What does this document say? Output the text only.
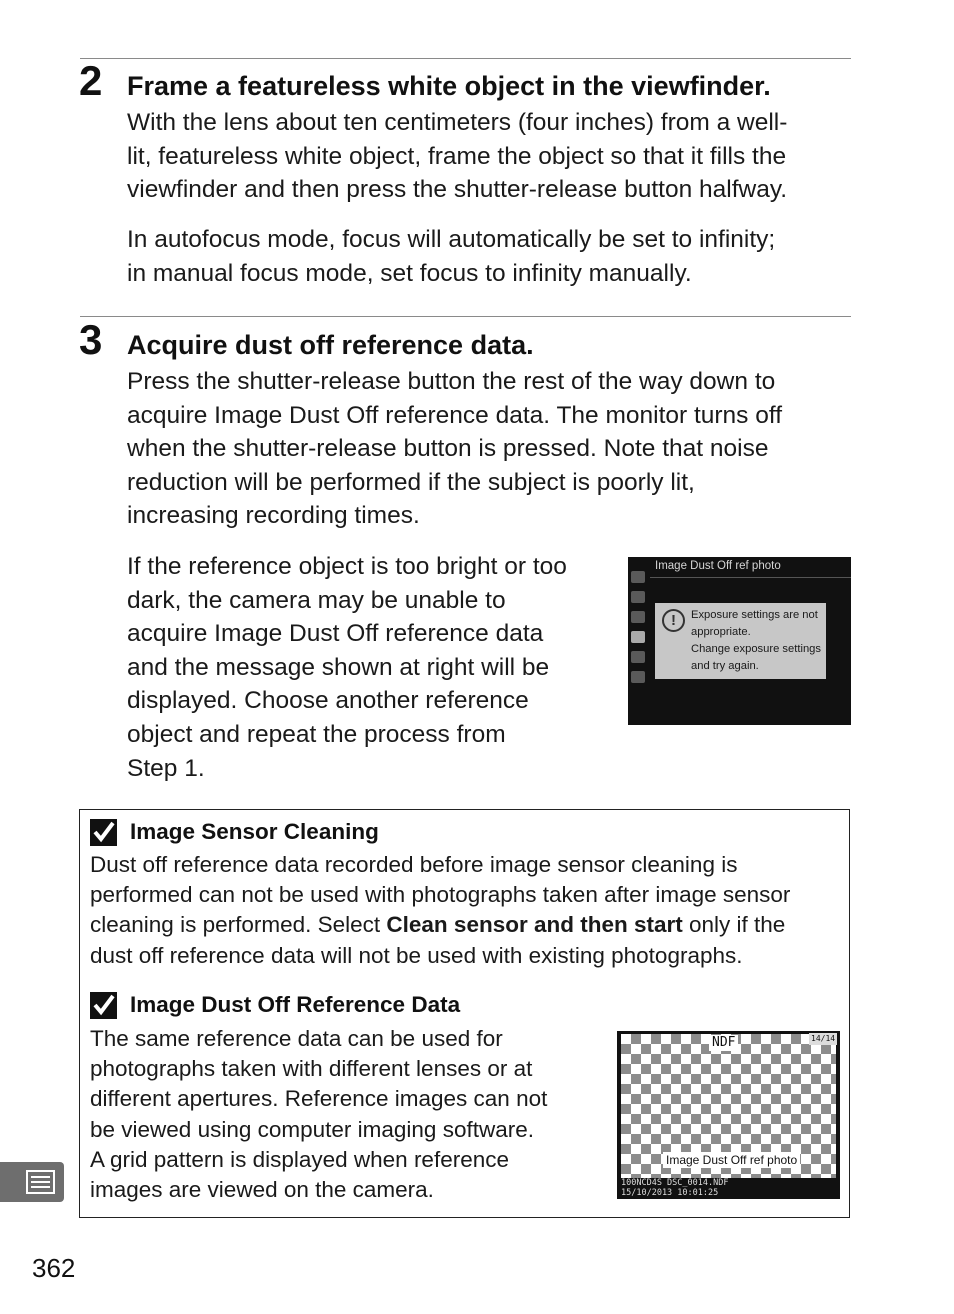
2 Frame a featureless white object in the viewfinder.
With the lens about ten centimeters (four inches) from a well-
lit, featureless white object, frame the object so that it fills the
viewfinder and then press the shutter-release button halfway.
In autofocus mode, focus will automatically be set to infinity;
in manual focus mode, set focus to infinity manually.
3 Acquire dust off reference data.
Press the shutter-release button the rest of the way down to
acquire Image Dust Off reference data. The monitor turns off
when the shutter-release button is pressed. Note that noise
reduction will be performed if the subject is poorly lit,
increasing recording times.
If the reference object is too bright or too
dark, the camera may be unable to
acquire Image Dust Off reference data
and the message shown at right will be
displayed. Choose another reference
object and repeat the process from
Step 1.
Image Dust Off ref photo
!	Exposure settings are not
appropriate.
Change exposure settings
and try again.
Image Sensor Cleaning
Dust off reference data recorded before image sensor cleaning is
performed can not be used with photographs taken after image sensor
cleaning is performed. Select Clean sensor and then start only if the
dust off reference data will not be used with existing photographs.
Image Dust Off Reference Data
The same reference data can be used for
photographs taken with different lenses or at
different apertures. Reference images can not
be viewed using computer imaging software.
A grid pattern is displayed when reference
images are viewed on the camera.
NDF	14/14
Image Dust Off ref photo
100NCD4S DSC_0014.NDF
15/10/2013 10:01:25
362
